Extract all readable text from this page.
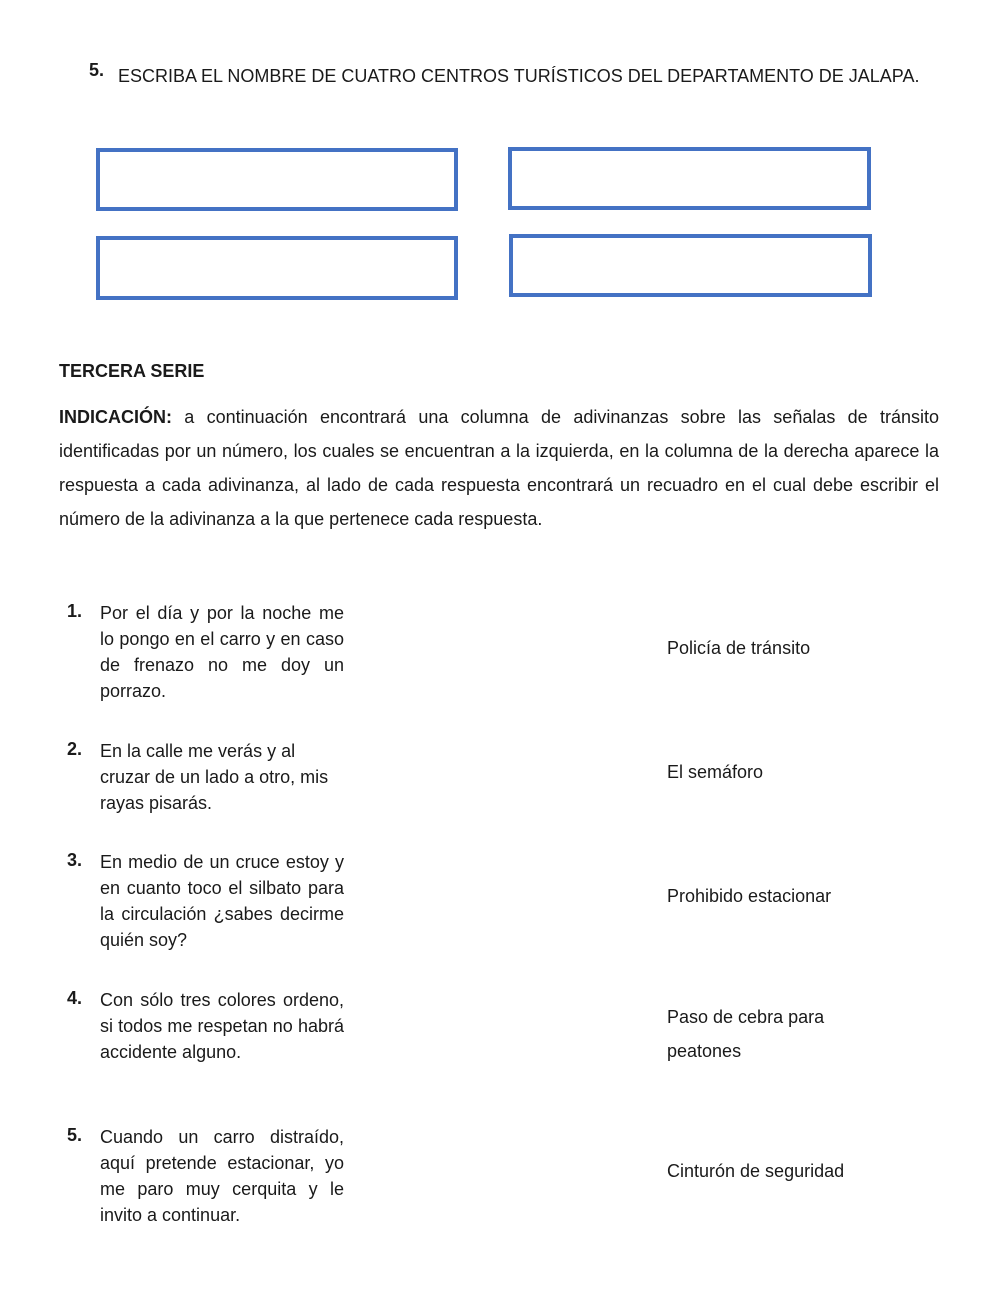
5. ESCRIBA EL NOMBRE DE CUATRO CENTROS TURÍSTICOS DEL DEPARTAMENTO DE JALAPA.
TERCERA SERIE
INDICACIÓN: a continuación encontrará una columna de adivinanzas sobre las señalas de tránsito identificadas por un número, los cuales se encuentran a la izquierda, en la columna de la derecha aparece la respuesta a cada adivinanza, al lado de cada respuesta encontrará un recuadro en el cual debe escribir el número de la adivinanza a la que pertenece cada respuesta.
1. Por el día y por la noche me lo pongo en el carro y en caso de frenazo no me doy un porrazo.
2. En la calle me verás y al cruzar de un lado a otro, mis rayas pisarás.
3. En medio de un cruce estoy y en cuanto toco el silbato para la circulación ¿sabes decirme quién soy?
4. Con sólo tres colores ordeno, si todos me respetan no habrá accidente alguno.
5. Cuando un carro distraído, aquí pretende estacionar, yo me paro muy cerquita y le invito a continuar.
Policía de tránsito
El semáforo
Prohibido estacionar
Paso de cebra para peatones
Cinturón de seguridad
